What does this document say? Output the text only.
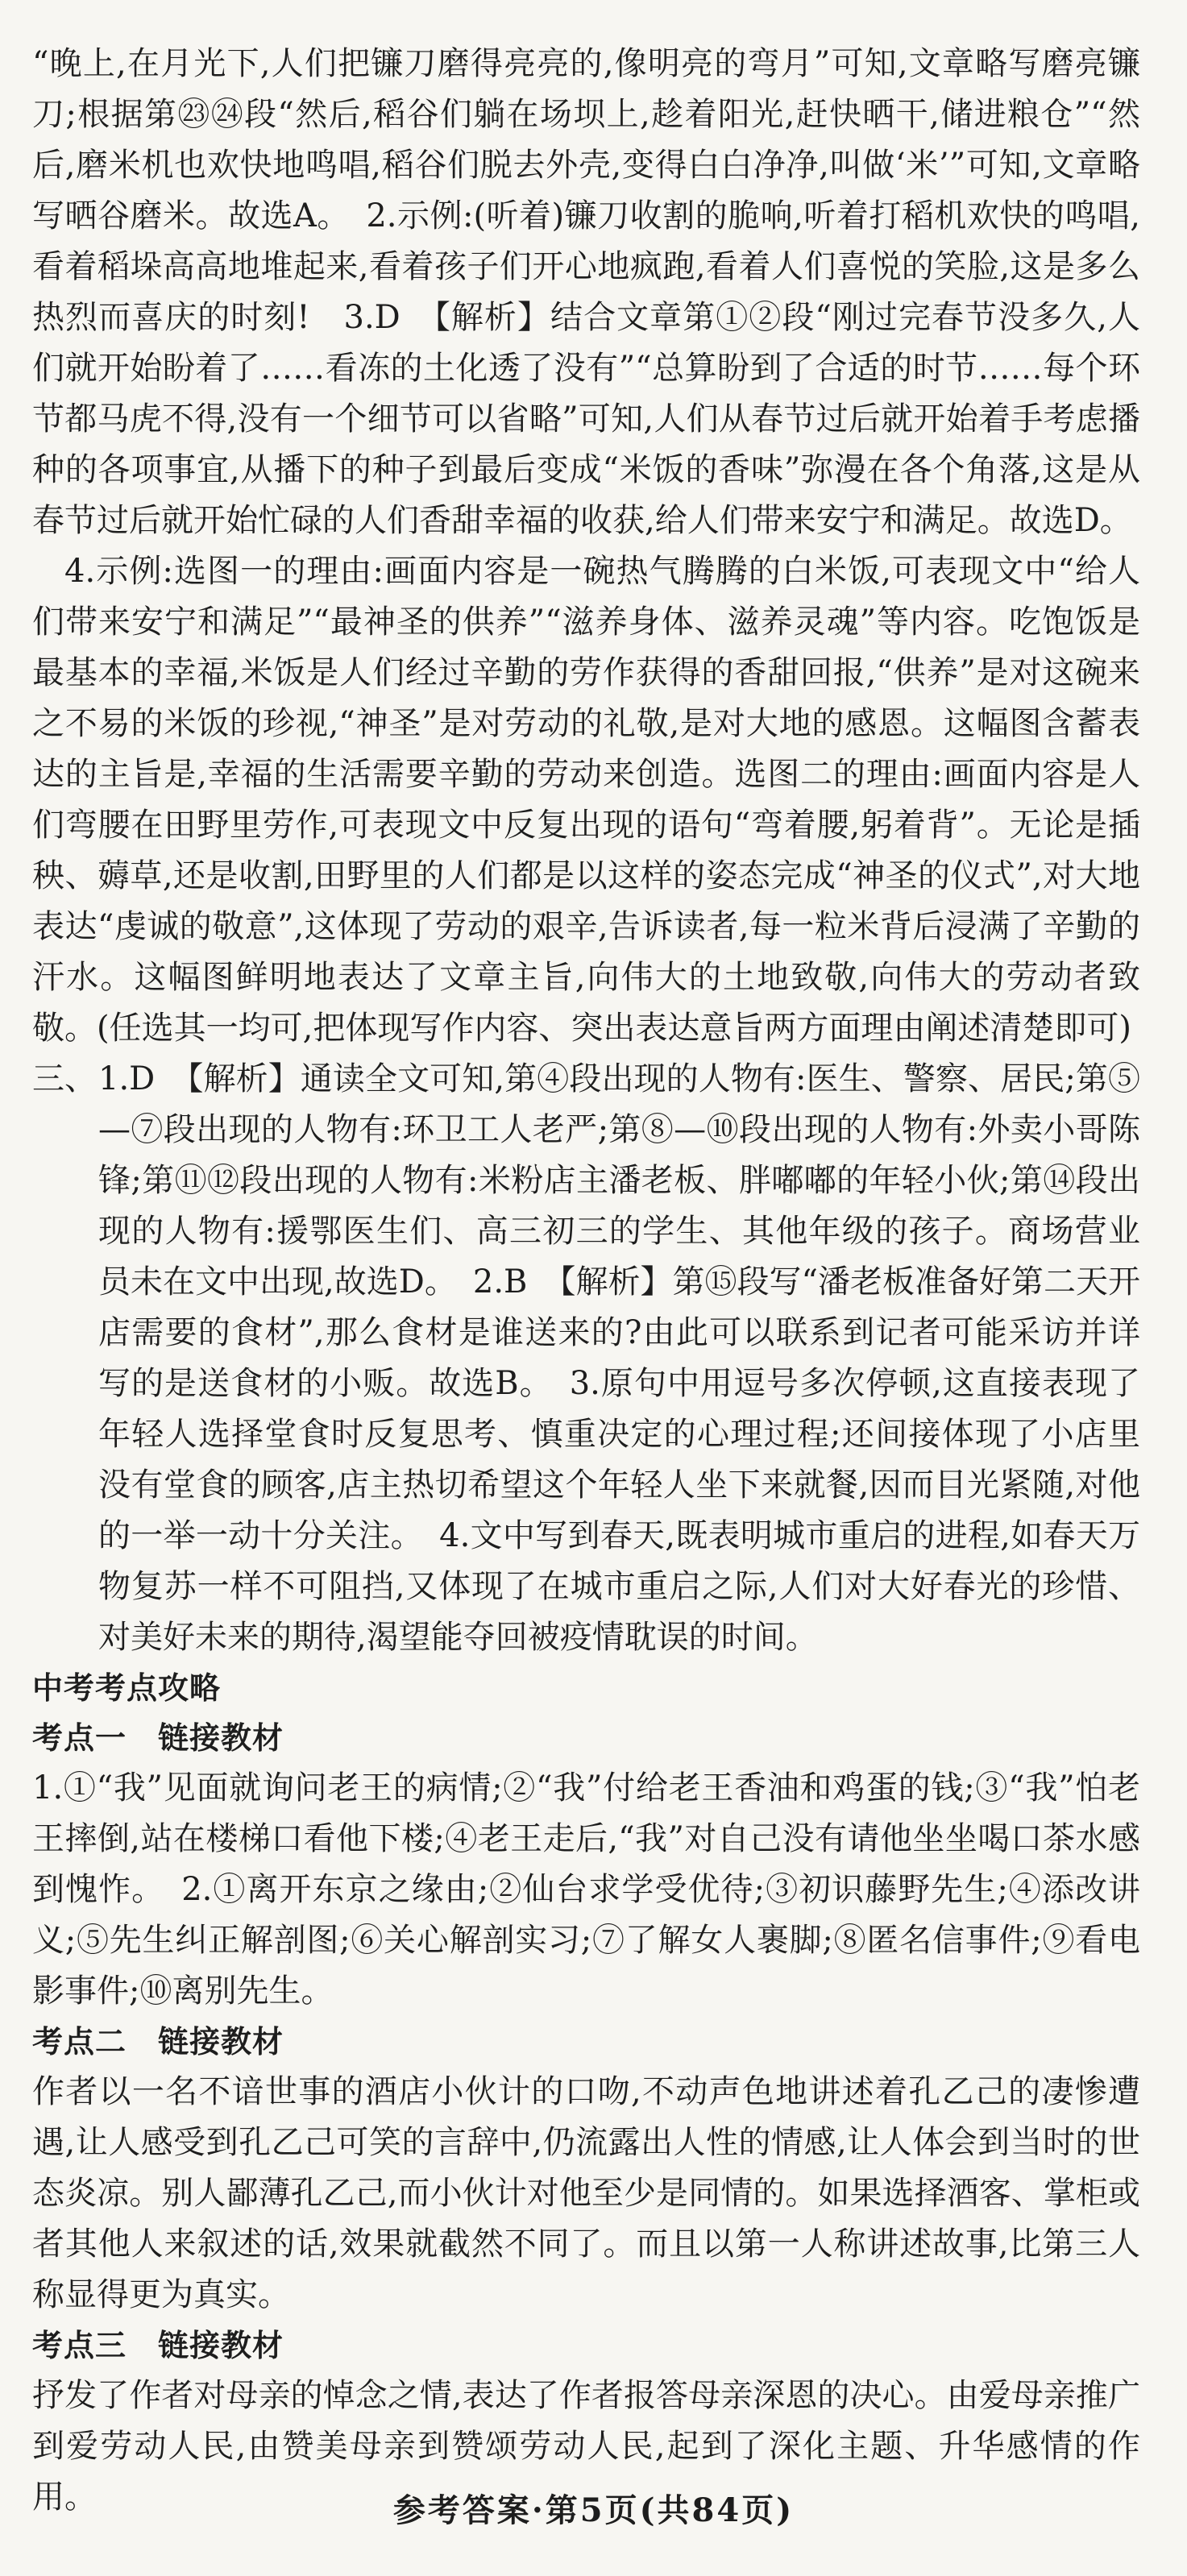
“晚上,在月光下,人们把镰刀磨得亮亮的,像明亮的弯月”可知,文章略写磨亮镰刀;根据第㉓㉔段“然后,稻谷们躺在场坝上,趁着阳光,赶快晒干,储进粮仓”“然后,磨米机也欢快地鸣唱,稻谷们脱去外壳,变得白白净净,叫做‘米’”可知,文章略写晒谷磨米。故选A。　2.示例:(听着)镰刀收割的脆响,听着打稻机欢快的鸣唱,看着稻垛高高地堆起来,看着孩子们开心地疯跑,看着人们喜悦的笑脸,这是多么热烈而喜庆的时刻!　3.D　【解析】结合文章第①②段“刚过完春节没多久,人们就开始盼着了……看冻的土化透了没有”“总算盼到了合适的时节……每个环节都马虎不得,没有一个细节可以省略”可知,人们从春节过后就开始着手考虑播种的各项事宜,从播下的种子到最后变成“米饭的香味”弥漫在各个角落,这是从春节过后就开始忙碌的人们香甜幸福的收获,给人们带来安宁和满足。故选D。

4.示例:选图一的理由:画面内容是一碗热气腾腾的白米饭,可表现文中“给人们带来安宁和满足”“最神圣的供养”“滋养身体、滋养灵魂”等内容。吃饱饭是最基本的幸福,米饭是人们经过辛勤的劳作获得的香甜回报,“供养”是对这碗来之不易的米饭的珍视,“神圣”是对劳动的礼敬,是对大地的感恩。这幅图含蓄表达的主旨是,幸福的生活需要辛勤的劳动来创造。选图二的理由:画面内容是人们弯腰在田野里劳作,可表现文中反复出现的语句“弯着腰,躬着背”。无论是插秧、薅草,还是收割,田野里的人们都是以这样的姿态完成“神圣的仪式”,对大地表达“虔诚的敬意”,这体现了劳动的艰辛,告诉读者,每一粒米背后浸满了辛勤的汗水。这幅图鲜明地表达了文章主旨,向伟大的土地致敬,向伟大的劳动者致敬。(任选其一均可,把体现写作内容、突出表达意旨两方面理由阐述清楚即可)

三、 1.D　【解析】通读全文可知,第④段出现的人物有:医生、警察、居民;第⑤—⑦段出现的人物有:环卫工人老严;第⑧—⑩段出现的人物有:外卖小哥陈锋;第⑪⑫段出现的人物有:米粉店主潘老板、胖嘟嘟的年轻小伙;第⑭段出现的人物有:援鄂医生们、高三初三的学生、其他年级的孩子。商场营业员未在文中出现,故选D。　2.B　【解析】第⑮段写“潘老板准备好第二天开店需要的食材”,那么食材是谁送来的?由此可以联系到记者可能采访并详写的是送食材的小贩。故选B。　3.原句中用逗号多次停顿,这直接表现了年轻人选择堂食时反复思考、慎重决定的心理过程;还间接体现了小店里没有堂食的顾客,店主热切希望这个年轻人坐下来就餐,因而目光紧随,对他的一举一动十分关注。　4.文中写到春天,既表明城市重启的进程,如春天万物复苏一样不可阻挡,又体现了在城市重启之际,人们对大好春光的珍惜、对美好未来的期待,渴望能夺回被疫情耽误的时间。

中考考点攻略

考点一　链接教材

1.①“我”见面就询问老王的病情;②“我”付给老王香油和鸡蛋的钱;③“我”怕老王摔倒,站在楼梯口看他下楼;④老王走后,“我”对自己没有请他坐坐喝口茶水感到愧怍。　2.①离开东京之缘由;②仙台求学受优待;③初识藤野先生;④添改讲义;⑤先生纠正解剖图;⑥关心解剖实习;⑦了解女人裹脚;⑧匿名信事件;⑨看电影事件;⑩离别先生。

考点二　链接教材

作者以一名不谙世事的酒店小伙计的口吻,不动声色地讲述着孔乙己的凄惨遭遇,让人感受到孔乙己可笑的言辞中,仍流露出人性的情感,让人体会到当时的世态炎凉。别人鄙薄孔乙己,而小伙计对他至少是同情的。如果选择酒客、掌柜或者其他人来叙述的话,效果就截然不同了。而且以第一人称讲述故事,比第三人称显得更为真实。

考点三　链接教材

抒发了作者对母亲的悼念之情,表达了作者报答母亲深恩的决心。由爱母亲推广到爱劳动人民,由赞美母亲到赞颂劳动人民,起到了深化主题、升华感情的作用。	参考答案·第5页(共84页)
